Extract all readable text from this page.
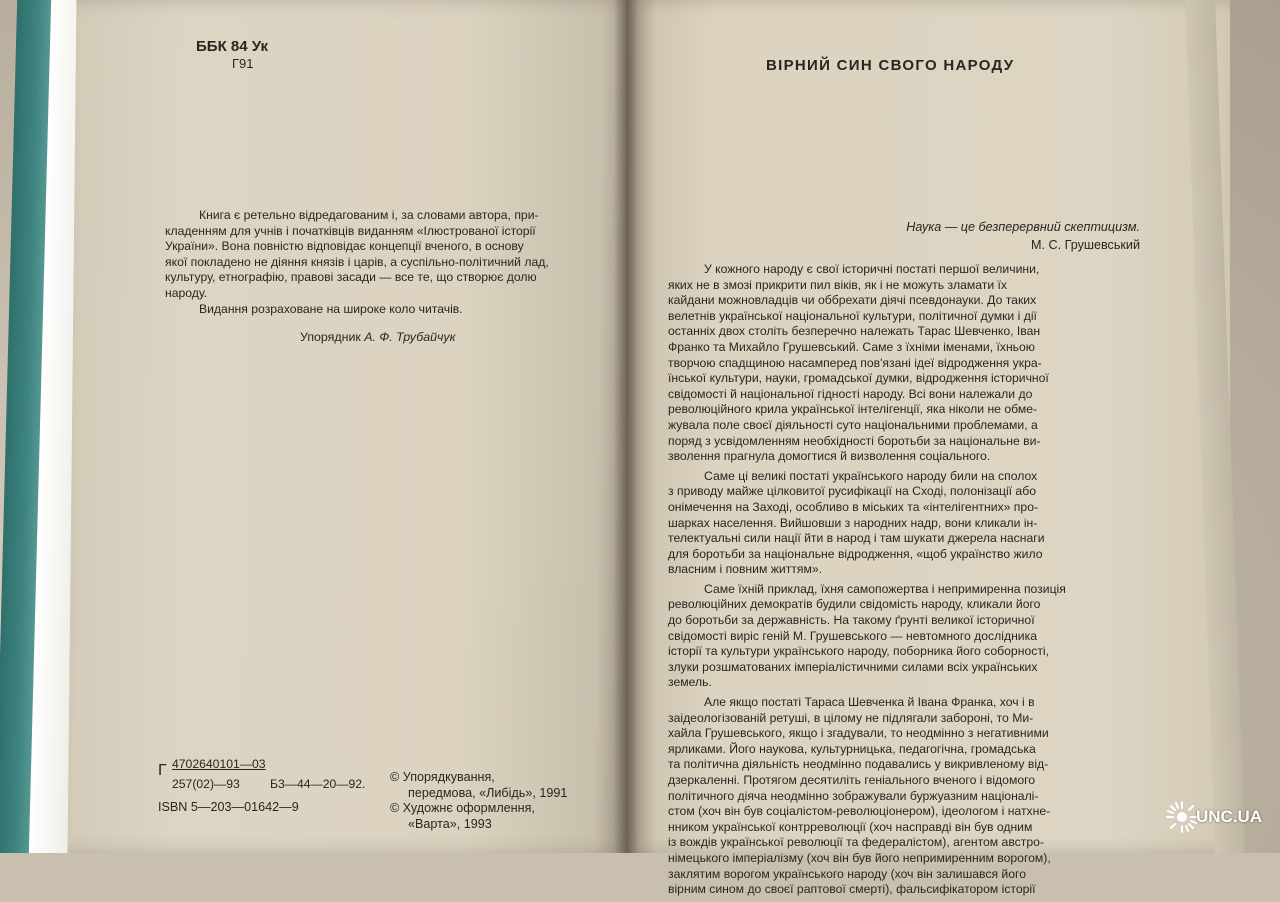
ББК 84 Ук
Г91

Книга є ретельно відредагованим і, за словами автора, при-
кладенням для учнів і початківців виданням «Ілюстрованої історії
України». Вона повністю відповідає концепції вченого, в основу
якої покладено не діяння князів і царів, а суспільно-політичний лад,
культуру, етнографію, правові засади — все те, що створює долю
народу.

Видання розраховане на широке коло читачів.

Упорядник А. Ф. Трубайчук
Г 4702640101—03
257(02)—93 Б3—44—20—92.
ISBN 5—203—01642—9
© Упорядкування,
передмова, «Либідь», 1991
© Художнє оформлення,
«Варта», 1993
ВІРНИЙ СИН СВОГО НАРОДУ
Наука — це безперервний скептицизм.
М. С. Грушевський
У кожного народу є свої історичні постаті першої величини,
яких не в змозі прикрити пил віків, як і не можуть зламати їх
кайдани можновладців чи оббрехати діячі псевдонауки. До таких
велетнів української національної культури, політичної думки і дії
останніх двох століть безперечно належать Тарас Шевченко, Іван
Франко та Михайло Грушевський. Саме з їхніми іменами, їхньою
творчою спадщиною насамперед пов'язані ідеї відродження укра-
їнської культури, науки, громадської думки, відродження історичної
свідомості й національної гідності народу. Всі вони належали до
революційного крила української інтелігенції, яка ніколи не обме-
жувала поле своєї діяльності суто національними проблемами, а
поряд з усвідомленням необхідності боротьби за національне ви-
зволення прагнула домогтися й визволення соціального.
Саме ці великі постаті українського народу били на сполох
з приводу майже цілковитої русифікації на Сході, полонізації або
онімечення на Заході, особливо в міських та «інтелігентних» про-
шарках населення. Вийшовши з народних надр, вони кликали ін-
телектуальні сили нації йти в народ і там шукати джерела наснаги
для боротьби за національне відродження, «щоб українство жило
власним і повним життям».
Саме їхній приклад, їхня самопожертва і непримиренна позиція
революційних демократів будили свідомість народу, кликали його
до боротьби за державність. На такому ґрунті великої історичної
свідомості виріс геній М. Грушевського — невтомного дослідника
історії та культури українського народу, поборника його соборності,
злуки розшматованих імперіалістичними силами всіх українських
земель.
Але якщо постаті Тараса Шевченка й Івана Франка, хоч і в
заідеологізованій ретуші, в цілому не підлягали забороні, то Ми-
хайла Грушевського, якщо і згадували, то неодмінно з негативними
ярликами. Його наукова, культурницька, педагогічна, громадська
та політична діяльність неодмінно подавались у викривленому від-
дзеркаленні. Протягом десятиліть геніального вченого і відомого
політичного діяча неодмінно зображували буржуазним націоналі-
стом (хоч він був соціалістом-революціонером), ідеологом і натхне-
нником української контрреволюції (хоч насправді він був одним
із вождів української революції та федералістом), агентом австро-
німецького імперіалізму (хоч він був його непримиренним ворогом),
заклятим ворогом українського народу (хоч він залишався його
вірним сином до своєї раптової смерті), фальсифікатором історії
UNC.UA
